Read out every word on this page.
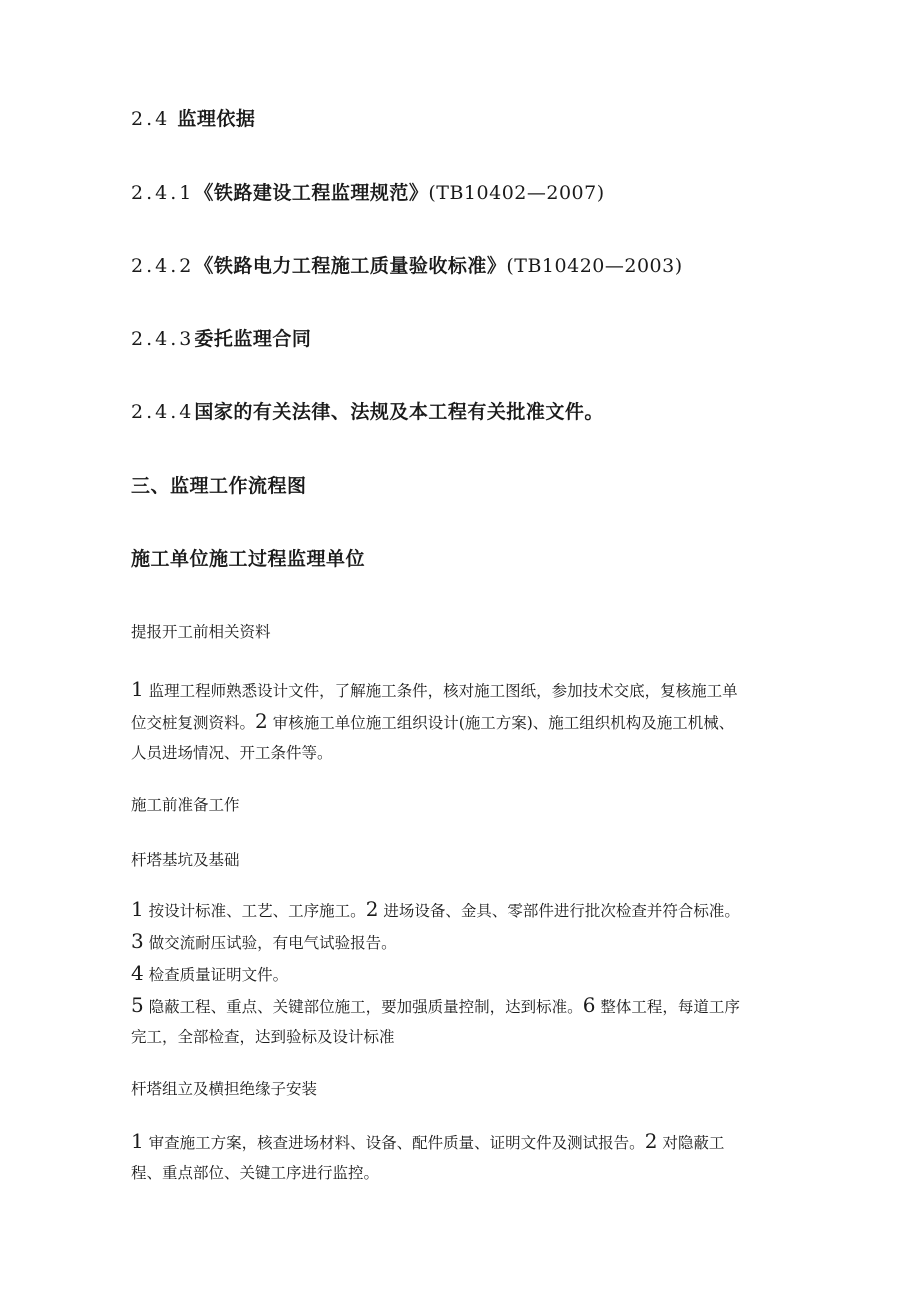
2.4 监理依据
2.4.1《铁路建设工程监理规范》(TB10402—2007)
2.4.2《铁路电力工程施工质量验收标准》(TB10420—2003)
2.4.3委托监理合同
2.4.4国家的有关法律、法规及本工程有关批准文件。
三、监理工作流程图
施工单位施工过程监理单位
提报开工前相关资料
1 监理工程师熟悉设计文件，了解施工条件，核对施工图纸，参加技术交底，复核施工单
位交桩复测资料。2 审核施工单位施工组织设计(施工方案)、施工组织机构及施工机械、
人员进场情况、开工条件等。
施工前准备工作
杆塔基坑及基础
1 按设计标准、工艺、工序施工。2 进场设备、金具、零部件进行批次检查并符合标准。
3 做交流耐压试验，有电气试验报告。
4 检查质量证明文件。
5 隐蔽工程、重点、关键部位施工，要加强质量控制，达到标准。6 整体工程，每道工序
完工，全部检查，达到验标及设计标准
杆塔组立及横担绝缘子安装
1 审查施工方案，核查进场材料、设备、配件质量、证明文件及测试报告。2 对隐蔽工
程、重点部位、关键工序进行监控。
